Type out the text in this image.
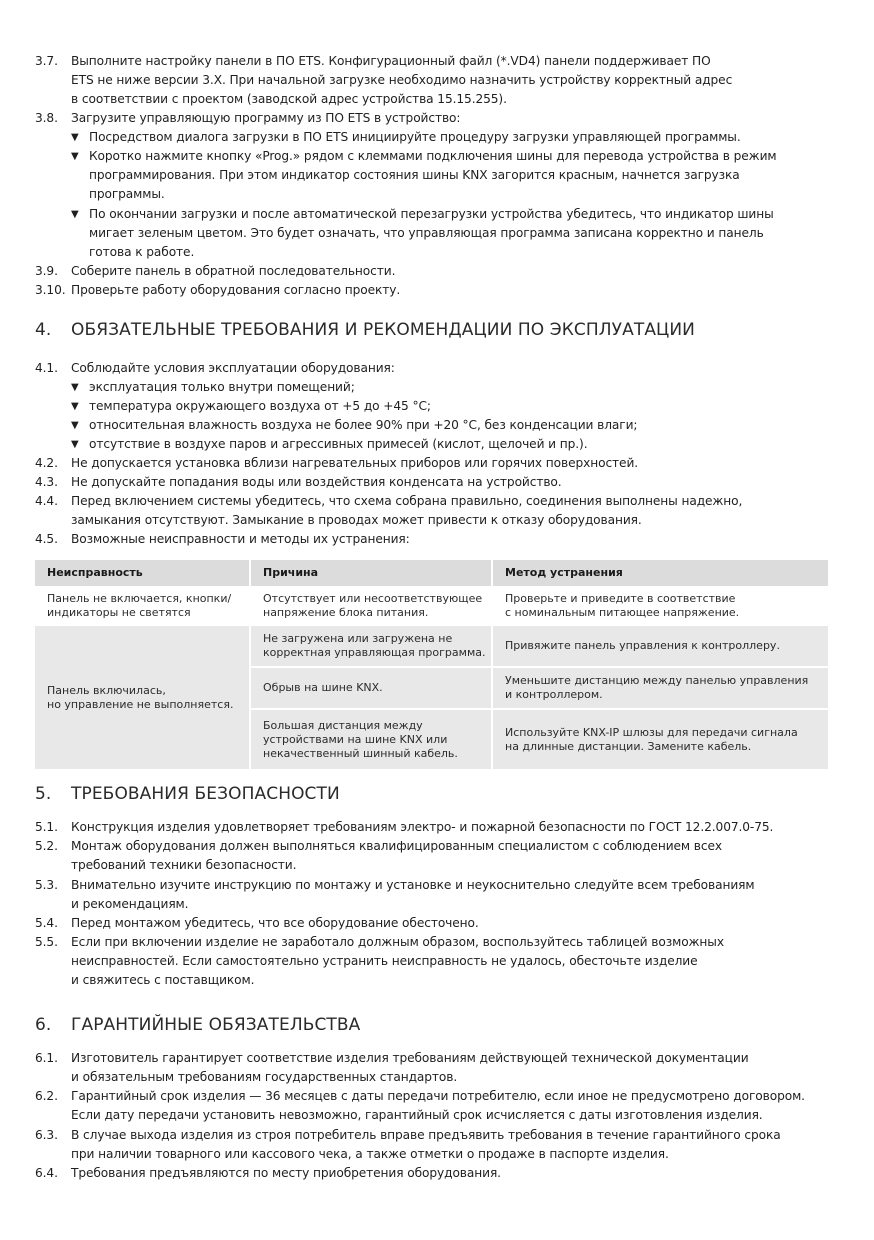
3.7. Выполните настройку панели в ПО ETS. Конфигурационный файл (*.VD4) панели поддерживает ПО
ETS не ниже версии 3.X. При начальной загрузке необходимо назначить устройству корректный адрес
в соответствии с проектом (заводской адрес устройства 15.15.255).
3.8. Загрузите управляющую программу из ПО ETS в устройство:
▼ Посредством диалога загрузки в ПО ETS инициируйте процедуру загрузки управляющей программы.
▼ Коротко нажмите кнопку «Prog.» рядом с клеммами подключения шины для перевода устройства в режим
программирования. При этом индикатор состояния шины KNX загорится красным, начнется загрузка
программы.
▼ По окончании загрузки и после автоматической перезагрузки устройства убедитесь, что индикатор шины
мигает зеленым цветом. Это будет означать, что управляющая программа записана корректно и панель
готова к работе.
3.9. Соберите панель в обратной последовательности.
3.10. Проверьте работу оборудования согласно проекту.
4. ОБЯЗАТЕЛЬНЫЕ ТРЕБОВАНИЯ И РЕКОМЕНДАЦИИ ПО ЭКСПЛУАТАЦИИ
4.1. Соблюдайте условия эксплуатации оборудования:
▼ эксплуатация только внутри помещений;
▼ температура окружающего воздуха от +5 до +45 °С;
▼ относительная влажность воздуха не более 90% при +20 °С, без конденсации влаги;
▼ отсутствие в воздухе паров и агрессивных примесей (кислот, щелочей и пр.).
4.2. Не допускается установка вблизи нагревательных приборов или горячих поверхностей.
4.3. Не допускайте попадания воды или воздействия конденсата на устройство.
4.4. Перед включением системы убедитесь, что схема собрана правильно, соединения выполнены надежно,
замыкания отсутствуют. Замыкание в проводах может привести к отказу оборудования.
4.5. Возможные неисправности и методы их устранения:
Неисправность	Причина	Метод устранения
Панель не включается, кнопки/
индикаторы не светятся
Отсутствует или несоответствующее
напряжение блока питания.
Проверьте и приведите в соответствие
с номинальным питающее напряжение.
Панель включилась,
но управление не выполняется.
Не загружена или загружена не
корректная управляющая программа.
Привяжите панель управления к контроллеру.
Обрыв на шине KNX.
Уменьшите дистанцию между панелью управления
и контроллером.
Большая дистанция между
устройствами на шине KNX или
некачественный шинный кабель.
Используйте KNX-IP шлюзы для передачи сигнала
на длинные дистанции. Замените кабель.
5. ТРЕБОВАНИЯ БЕЗОПАСНОСТИ
5.1. Конструкция изделия удовлетворяет требованиям электро- и пожарной безопасности по ГОСТ 12.2.007.0-75.
5.2. Монтаж оборудования должен выполняться квалифицированным специалистом с соблюдением всех
требований техники безопасности.
5.3. Внимательно изучите инструкцию по монтажу и установке и неукоснительно следуйте всем требованиям
и рекомендациям.
5.4. Перед монтажом убедитесь, что все оборудование обесточено.
5.5. Если при включении изделие не заработало должным образом, воспользуйтесь таблицей возможных
неисправностей. Если самостоятельно устранить неисправность не удалось, обесточьте изделие
и свяжитесь с поставщиком.
6. ГАРАНТИЙНЫЕ ОБЯЗАТЕЛЬСТВА
6.1. Изготовитель гарантирует соответствие изделия требованиям действующей технической документации
и обязательным требованиям государственных стандартов.
6.2. Гарантийный срок изделия — 36 месяцев с даты передачи потребителю, если иное не предусмотрено договором.
Если дату передачи установить невозможно, гарантийный срок исчисляется с даты изготовления изделия.
6.3. В случае выхода изделия из строя потребитель вправе предъявить требования в течение гарантийного срока
при наличии товарного или кассового чека, а также отметки о продаже в паспорте изделия.
6.4. Требования предъявляются по месту приобретения оборудования.
